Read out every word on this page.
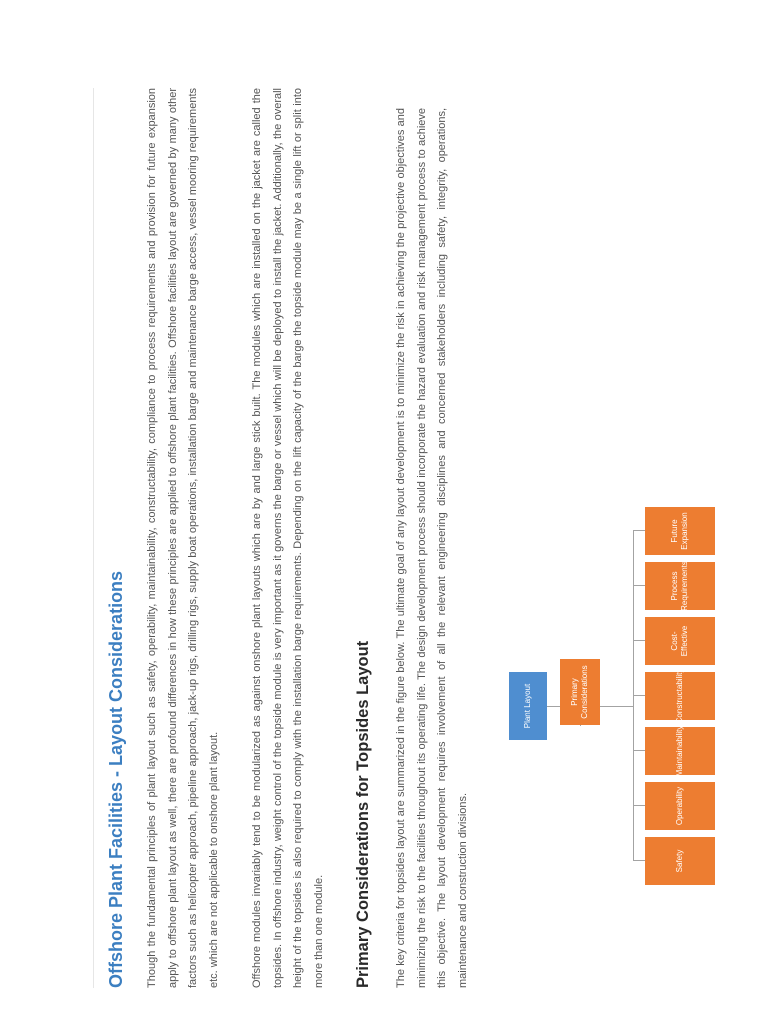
Offshore Plant Facilities - Layout Considerations	Though the fundamental principles of plant layout such as safety, operability, maintainability, constructability, compliance to process requirements and provision for future expansion apply to offshore plant layout as well, there are profound differences in how these principles are applied to offshore plant facilities. Offshore facilities layout are governed by many other factors such as helicopter approach, pipeline approach, jack-up rigs, drilling rigs, supply boat operations, installation barge and maintenance barge access, vessel mooring requirements etc. which are not applicable to onshore plant layout.	Offshore modules invariably tend to be modularized as against onshore plant layouts which are by and large stick built. The modules which are installed on the jacket are called the topsides. In offshore industry, weight control of the topside module is very important as it governs the barge or vessel which will be deployed to install the jacket. Additionally, the overall height of the topsides is also required to comply with the installation barge requirements. Depending on the lift capacity of the barge the topside module may be a single lift or split into more than one module. Primary Considerations for Topsides Layout	The key criteria for topsides layout are summarized in the figure below. The ultimate goal of any layout development is to minimize the risk in achieving the projective objectives and minimizing the risk to the facilities throughout its operating life. The design development process should incorporate the hazard evaluation and risk management process to achieve this objective. The layout development requires involvement of all the relevant engineering disciplines and concerned stakeholders including safety, integrity, operations, maintenance and construction divisions.

Plant Layout	Primary Considerations
Safety
Operability
Maintainability
Constructability
Cost-Effective
Process Requirements
Future Expansion
